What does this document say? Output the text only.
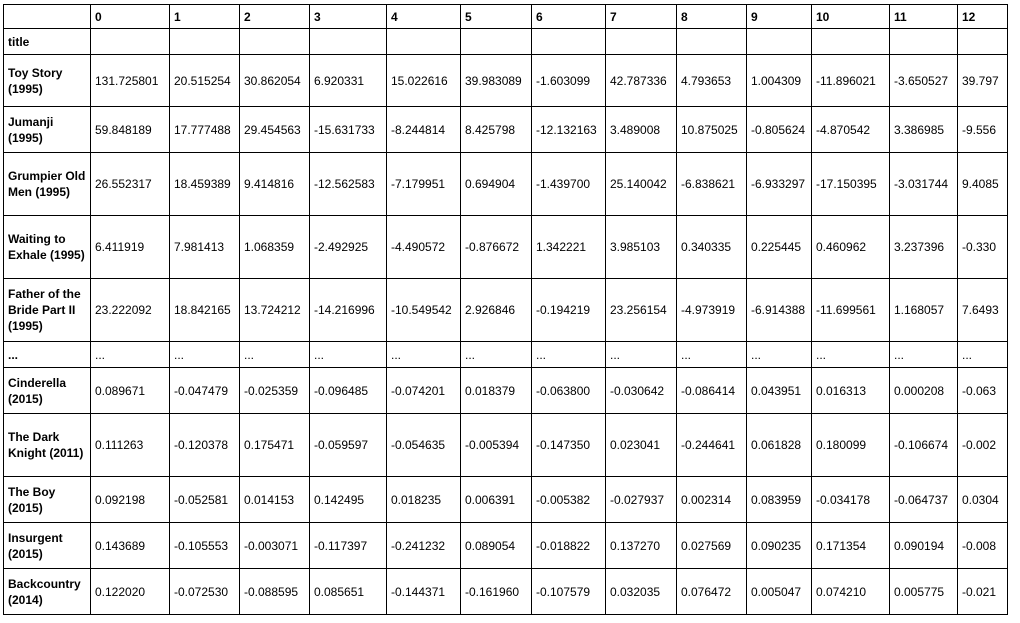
	0	1	2	3	4	5	6	7	8	9	10	11	12
title													
Toy Story (1995)	131.725801	20.515254	30.862054	6.920331	15.022616	39.983089	-1.603099	42.787336	4.793653	1.004309	-11.896021	-3.650527	39.797
Jumanji (1995)	59.848189	17.777488	29.454563	-15.631733	-8.244814	8.425798	-12.132163	3.489008	10.875025	-0.805624	-4.870542	3.386985	-9.556
Grumpier Old Men (1995)	26.552317	18.459389	9.414816	-12.562583	-7.179951	0.694904	-1.439700	25.140042	-6.838621	-6.933297	-17.150395	-3.031744	9.4085
Waiting to Exhale (1995)	6.411919	7.981413	1.068359	-2.492925	-4.490572	-0.876672	1.342221	3.985103	0.340335	0.225445	0.460962	3.237396	-0.330
Father of the Bride Part II (1995)	23.222092	18.842165	13.724212	-14.216996	-10.549542	2.926846	-0.194219	23.256154	-4.973919	-6.914388	-11.699561	1.168057	7.6493
...	...	...	...	...	...	...	...	...	...	...	...	...	...
Cinderella (2015)	0.089671	-0.047479	-0.025359	-0.096485	-0.074201	0.018379	-0.063800	-0.030642	-0.086414	0.043951	0.016313	0.000208	-0.063
The Dark Knight (2011)	0.111263	-0.120378	0.175471	-0.059597	-0.054635	-0.005394	-0.147350	0.023041	-0.244641	0.061828	0.180099	-0.106674	-0.002
The Boy (2015)	0.092198	-0.052581	0.014153	0.142495	0.018235	0.006391	-0.005382	-0.027937	0.002314	0.083959	-0.034178	-0.064737	0.0304
Insurgent (2015)	0.143689	-0.105553	-0.003071	-0.117397	-0.241232	0.089054	-0.018822	0.137270	0.027569	0.090235	0.171354	0.090194	-0.008
Backcountry (2014)	0.122020	-0.072530	-0.088595	0.085651	-0.144371	-0.161960	-0.107579	0.032035	0.076472	0.005047	0.074210	0.005775	-0.021
